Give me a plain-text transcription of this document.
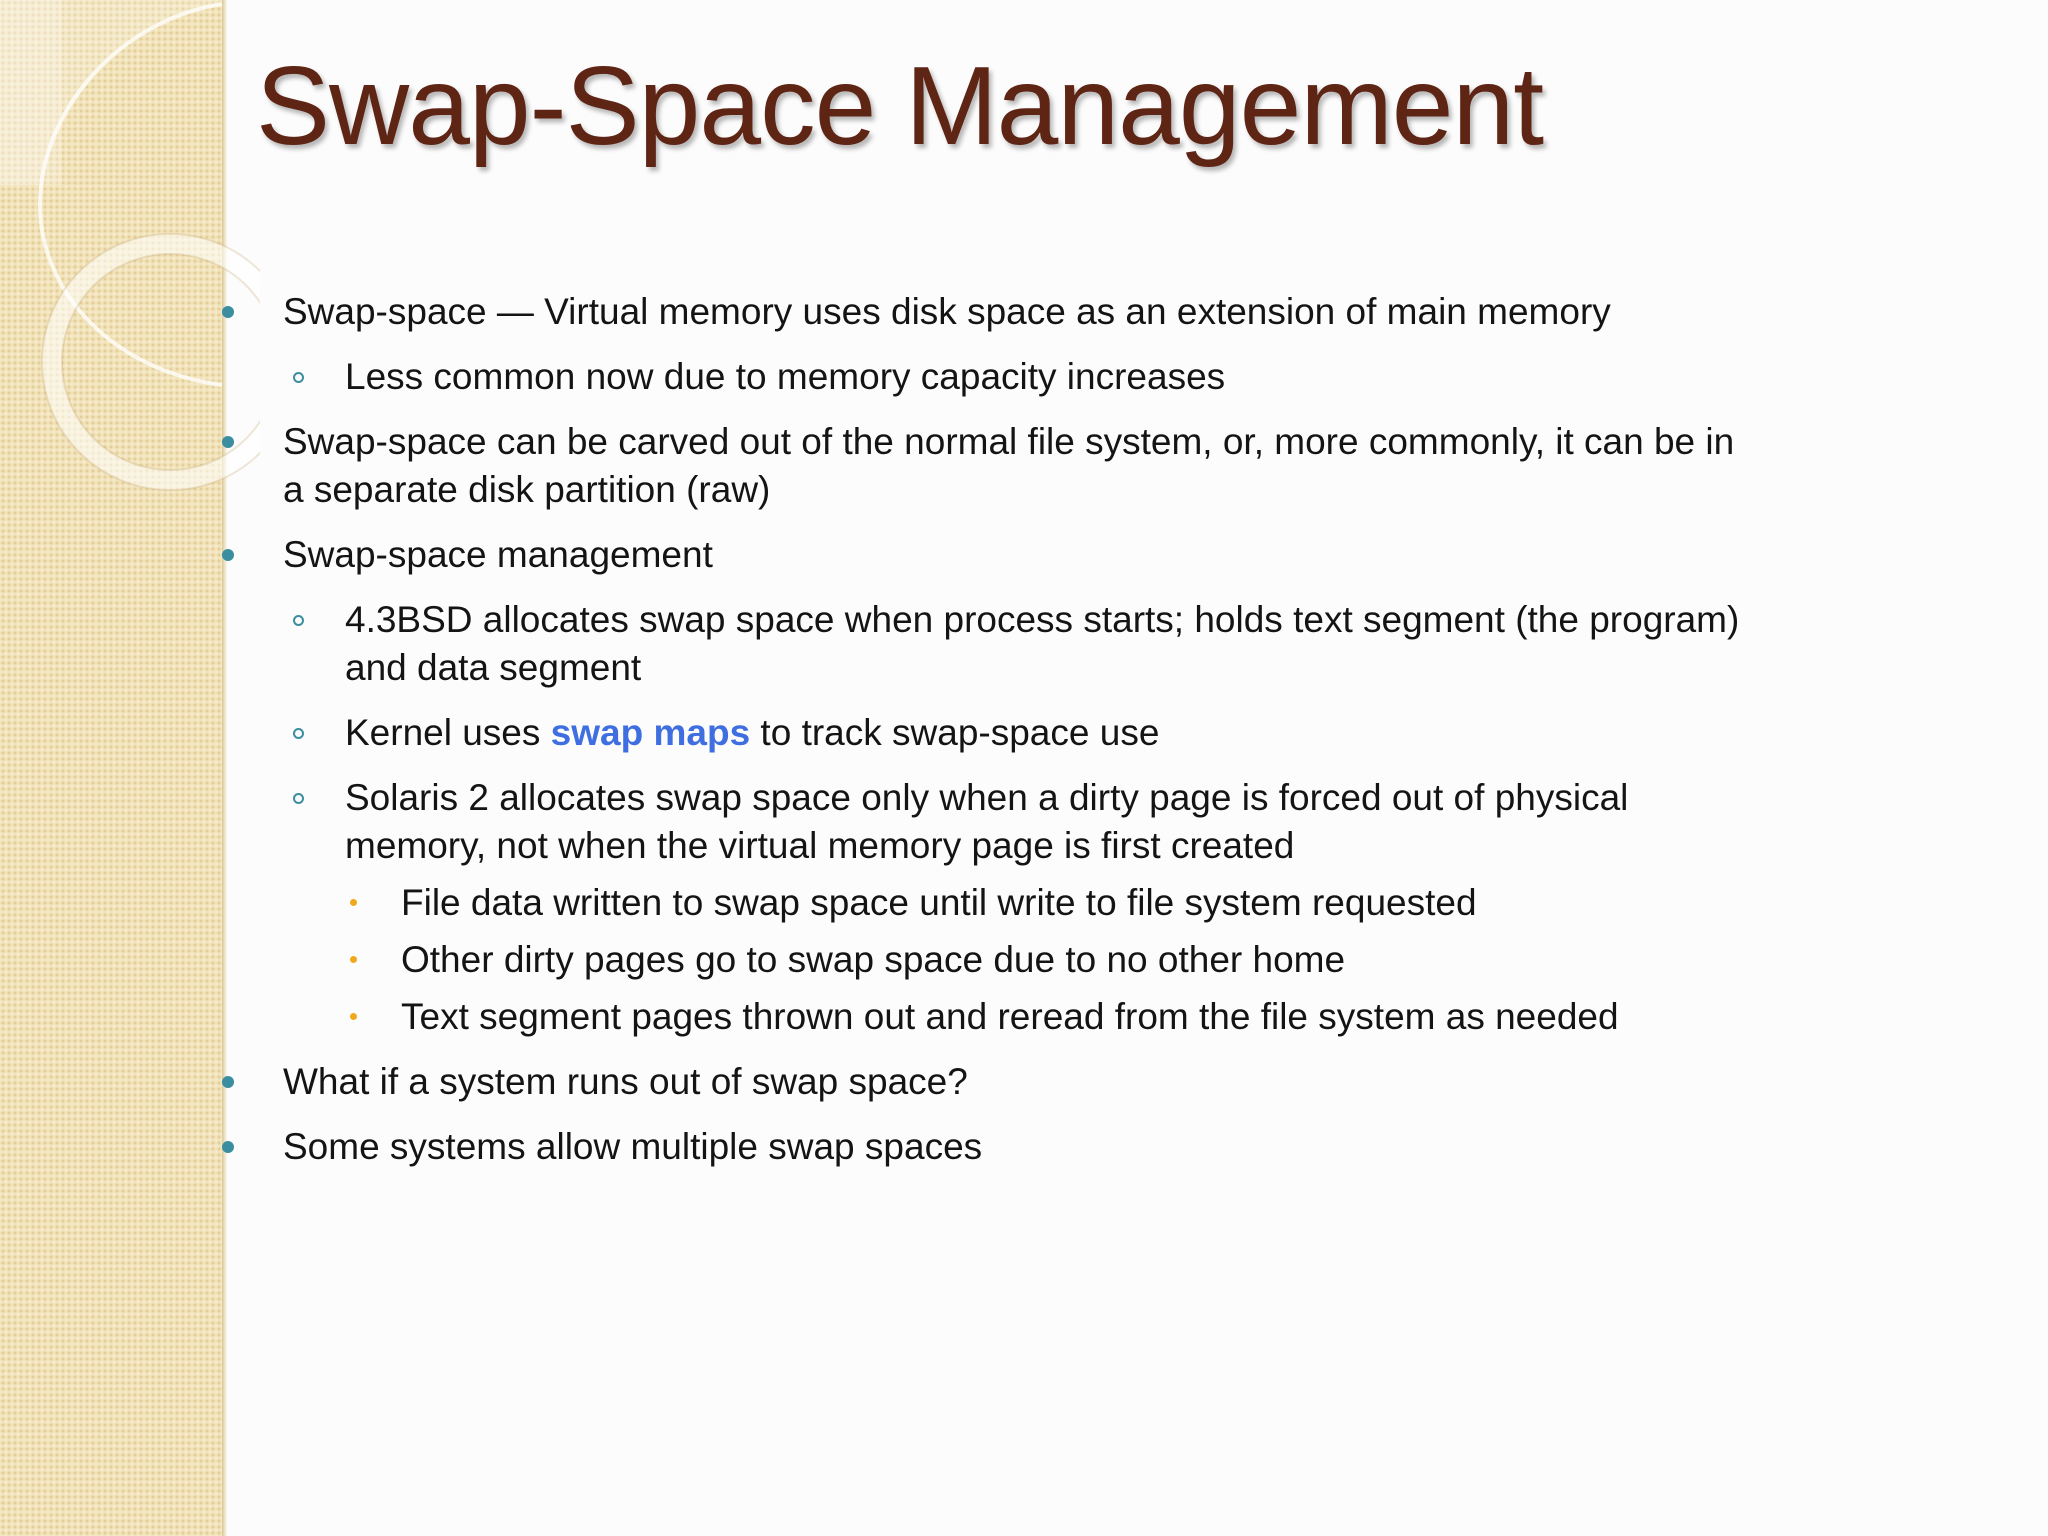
Swap-Space Management
Swap-space — Virtual memory uses disk space as an extension of main memory
Less common now due to memory capacity increases
Swap-space can be carved out of the normal file system, or, more commonly, it can be in a separate disk partition (raw)
Swap-space management
4.3BSD allocates swap space when process starts; holds text segment (the program) and data segment
Kernel uses swap maps to track swap-space use
Solaris 2 allocates swap space only when a dirty page is forced out of physical memory, not when the virtual memory page is first created
File data written to swap space until write to file system requested
Other dirty pages go to swap space due to no other home
Text segment pages thrown out and reread from the file system as needed
What if a system runs out of swap space?
Some systems allow multiple swap spaces
